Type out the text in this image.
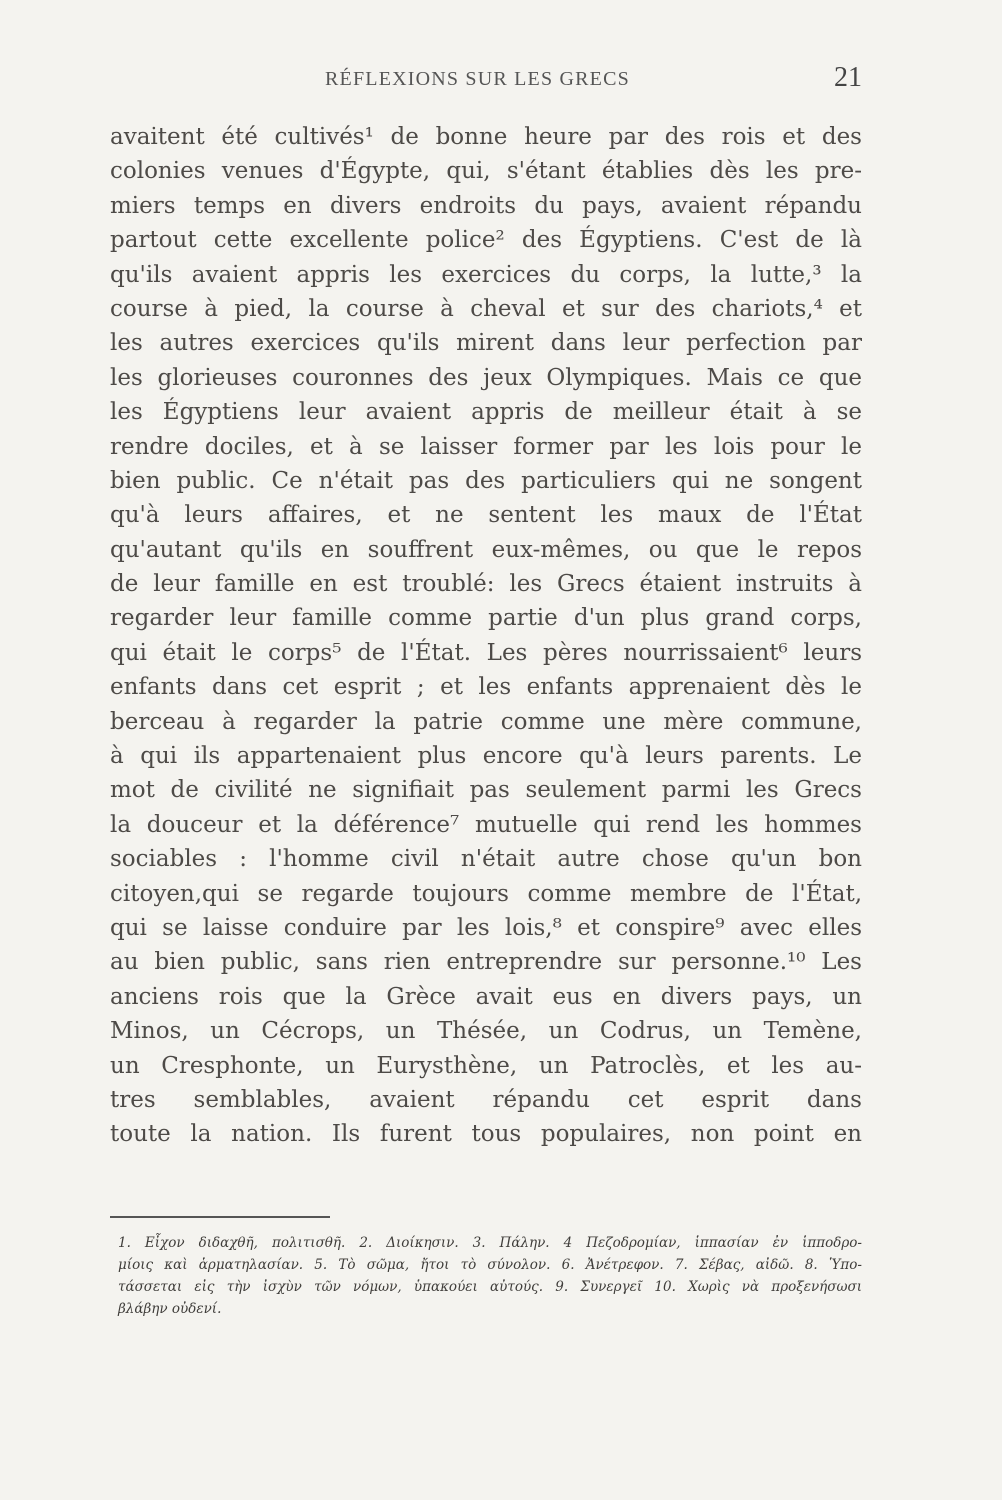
RÉFLEXIONS SUR LES GRECS	21
avaitent été cultivés¹ de bonne heure par des rois et des
colonies venues d'Égypte, qui, s'étant établies dès les pre-
miers temps en divers endroits du pays, avaient répandu
partout cette excellente police² des Égyptiens. C'est de là
qu'ils avaient appris les exercices du corps, la lutte,³ la
course à pied, la course à cheval et sur des chariots,⁴ et
les autres exercices qu'ils mirent dans leur perfection par
les glorieuses couronnes des jeux Olympiques. Mais ce que
les Égyptiens leur avaient appris de meilleur était à se
rendre dociles, et à se laisser former par les lois pour le
bien public. Ce n'était pas des particuliers qui ne songent
qu'à leurs affaires, et ne sentent les maux de l'État
qu'autant qu'ils en souffrent eux-mêmes, ou que le repos
de leur famille en est troublé: les Grecs étaient instruits à
regarder leur famille comme partie d'un plus grand corps,
qui était le corps⁵ de l'État. Les pères nourrissaient⁶ leurs
enfants dans cet esprit ; et les enfants apprenaient dès le
berceau à regarder la patrie comme une mère commune,
à qui ils appartenaient plus encore qu'à leurs parents. Le
mot de civilité ne signifiait pas seulement parmi les Grecs
la douceur et la déférence⁷ mutuelle qui rend les hommes
sociables : l'homme civil n'était autre chose qu'un bon
citoyen,qui se regarde toujours comme membre de l'État,
qui se laisse conduire par les lois,⁸ et conspire⁹ avec elles
au bien public, sans rien entreprendre sur personne.¹⁰ Les
anciens rois que la Grèce avait eus en divers pays, un
Minos, un Cécrops, un Thésée, un Codrus, un Temène,
un Cresphonte, un Eurysthène, un Patroclès, et les au-
tres semblables, avaient répandu cet esprit dans
toute la nation. Ils furent tous populaires, non point en
1. Εἶχον διδαχθῆ, πολιτισθῆ. 2. Διοίκησιν. 3. Πάλην. 4 Πεζοδρομίαν, ἱππασίαν ἐν ἱπποδρο-
μίοις καὶ ἁρματηλασίαν. 5. Τὸ σῶμα, ἤτοι τὸ σύνολον. 6. Ἀνέτρεφον. 7. Σέβας, αἰδῶ. 8. Ὑπο-
τάσσεται εἰς τὴν ἰσχὺν τῶν νόμων, ὑπακούει αὐτούς. 9. Συνεργεῖ 10. Χωρὶς νὰ προξενήσωσι
βλάβην οὐδενί.
